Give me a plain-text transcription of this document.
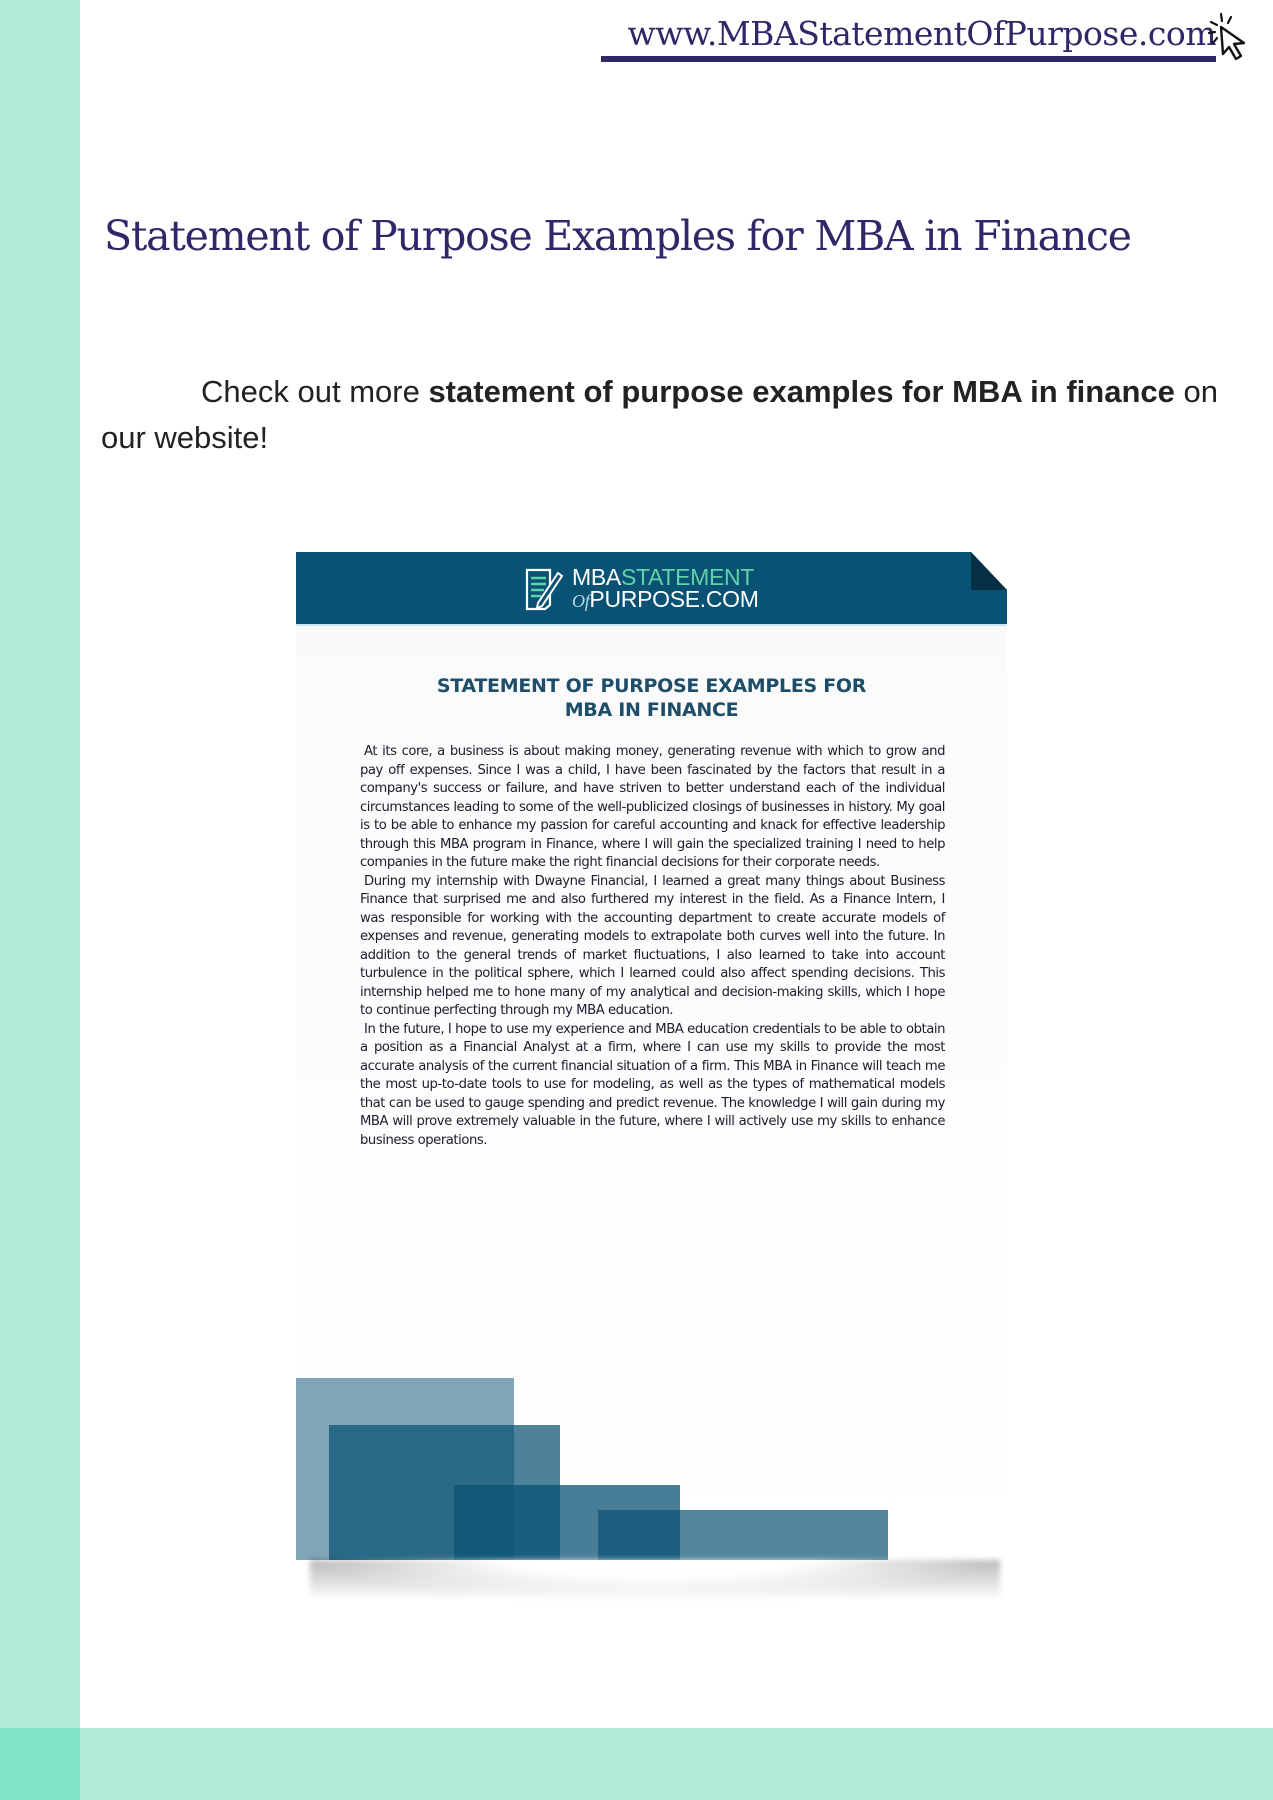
www.MBAStatementOfPurpose.com
Statement of Purpose Examples for MBA in Finance

Check out more statement of purpose examples for MBA in finance on our website!

MBASTATEMENT
OfPURPOSE.COM
STATEMENT OF PURPOSE EXAMPLES FOR
MBA IN FINANCE

At its core, a business is about making money, generating revenue with which to grow and pay off expenses. Since I was a child, I have been fascinated by the factors that result in a company's success or failure, and have striven to better understand each of the individual circumstances leading to some of the well-publicized closings of businesses in history. My goal is to be able to enhance my passion for careful accounting and knack for effective leadership through this MBA program in Finance, where I will gain the specialized training I need to help companies in the future make the right financial decisions for their corporate needs.

During my internship with Dwayne Financial, I learned a great many things about Business Finance that surprised me and also furthered my interest in the field. As a Finance Intern, I was responsible for working with the accounting department to create accurate models of expenses and revenue, generating models to extrapolate both curves well into the future. In addition to the general trends of market fluctuations, I also learned to take into account turbulence in the political sphere, which I learned could also affect spending decisions. This internship helped me to hone many of my analytical and decision-making skills, which I hope to continue perfecting through my MBA education.

In the future, I hope to use my experience and MBA education credentials to be able to obtain a position as a Financial Analyst at a firm, where I can use my skills to provide the most accurate analysis of the current financial situation of a firm. This MBA in Finance will teach me the most up-to-date tools to use for modeling, as well as the types of mathematical models that can be used to gauge spending and predict revenue. The knowledge I will gain during my MBA will prove extremely valuable in the future, where I will actively use my skills to enhance business operations.
